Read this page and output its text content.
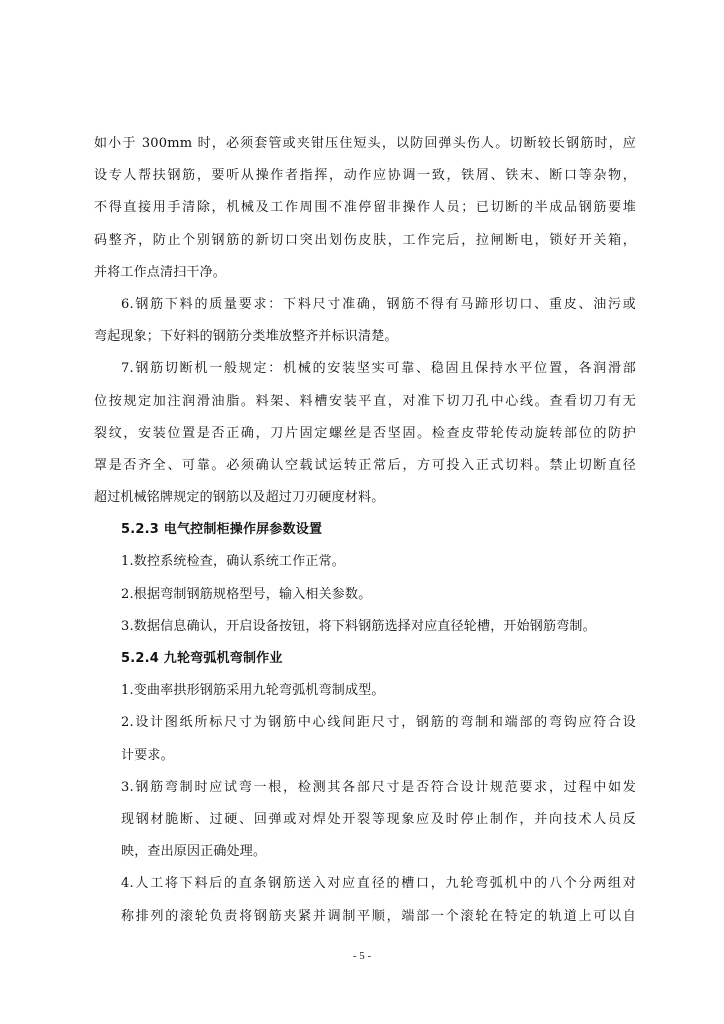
如小于 300mm 时，必须套管或夹钳压住短头，以防回弹头伤人。切断较长钢筋时，应
设专人帮扶钢筋，要听从操作者指挥，动作应协调一致，铁屑、铁末、断口等杂物，
不得直接用手清除，机械及工作周围不准停留非操作人员；已切断的半成品钢筋要堆
码整齐，防止个别钢筋的新切口突出划伤皮肤，工作完后，拉闸断电，锁好开关箱，
并将工作点清扫干净。
6.钢筋下料的质量要求：下料尺寸准确，钢筋不得有马蹄形切口、重皮、油污或
弯起现象；下好料的钢筋分类堆放整齐并标识清楚。
7.钢筋切断机一般规定：机械的安装坚实可靠、稳固且保持水平位置，各润滑部
位按规定加注润滑油脂。料架、料槽安装平直，对准下切刀孔中心线。查看切刀有无
裂纹，安装位置是否正确，刀片固定螺丝是否坚固。检查皮带轮传动旋转部位的防护
罩是否齐全、可靠。必须确认空载试运转正常后，方可投入正式切料。禁止切断直径
超过机械铭牌规定的钢筋以及超过刀刃硬度材料。
5.2.3 电气控制柜操作屏参数设置
1.数控系统检查，确认系统工作正常。
2.根据弯制钢筋规格型号，输入相关参数。
3.数据信息确认，开启设备按钮，将下料钢筋选择对应直径轮槽，开始钢筋弯制。
5.2.4 九轮弯弧机弯制作业
1.变曲率拱形钢筋采用九轮弯弧机弯制成型。
2.设计图纸所标尺寸为钢筋中心线间距尺寸，钢筋的弯制和端部的弯钩应符合设
计要求。
3.钢筋弯制时应试弯一根，检测其各部尺寸是否符合设计规范要求，过程中如发
现钢材脆断、过硬、回弹或对焊处开裂等现象应及时停止制作，并向技术人员反
映，查出原因正确处理。
4.人工将下料后的直条钢筋送入对应直径的槽口，九轮弯弧机中的八个分两组对
称排列的滚轮负责将钢筋夹紧并调制平顺，端部一个滚轮在特定的轨道上可以自
- 5 -
